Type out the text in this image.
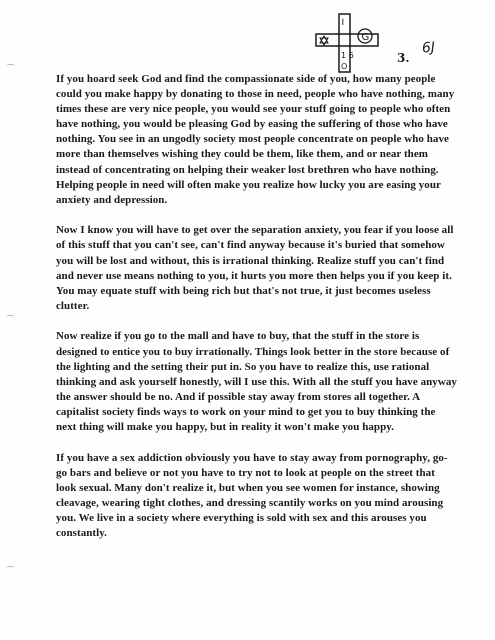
G
I
1 6
O
6J
3.

If you hoard seek God and find the compassionate side of you, how many people could you make happy by donating to those in need, people who have nothing, many times these are very nice people, you would see your stuff going to people who often have nothing, you would be pleasing God by easing the suffering of those who have nothing. You see in an ungodly society most people concentrate on people who have more than themselves wishing they could be them, like them, and or near them instead of concentrating on helping their weaker lost brethren who have nothing. Helping people in need will often make you realize how lucky you are easing your anxiety and depression.

Now I know you will have to get over the separation anxiety, you fear if you loose all of this stuff that you can't see, can't find anyway because it's buried that somehow you will be lost and without, this is irrational thinking. Realize stuff you can't find and never use means nothing to you, it hurts you more then helps you if you keep it. You may equate stuff with being rich but that's not true, it just becomes useless clutter.

Now realize if you go to the mall and have to buy, that the stuff in the store is designed to entice you to buy irrationally. Things look better in the store because of the lighting and the setting their put in. So you have to realize this, use rational thinking and ask yourself honestly, will I use this. With all the stuff you have anyway the answer should be no. And if possible stay away from stores all together. A capitalist society finds ways to work on your mind to get you to buy thinking the next thing will make you happy, but in reality it won't make you happy.

If you have a sex addiction obviously you have to stay away from pornography, go-go bars and believe or not you have to try not to look at people on the street that look sexual. Many don't realize it, but when you see women for instance, showing cleavage, wearing tight clothes, and dressing scantily works on you mind arousing you. We live in a society where everything is sold with sex and this arouses you constantly.
